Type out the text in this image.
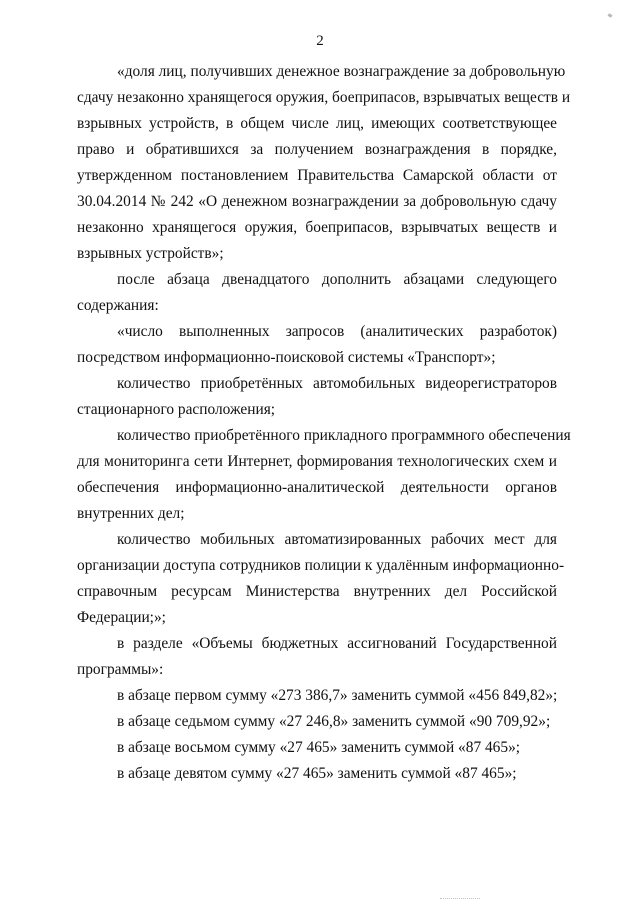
2
«доля лиц, получивших денежное вознаграждение за добровольную
сдачу незаконно хранящегося оружия, боеприпасов, взрывчатых веществ и
взрывных устройств, в общем числе лиц, имеющих соответствующее
право и обратившихся за получением вознаграждения в порядке,
утвержденном постановлением Правительства Самарской области от
30.04.2014 № 242 «О денежном вознаграждении за добровольную сдачу
незаконно хранящегося оружия, боеприпасов, взрывчатых веществ и
взрывных устройств»;
после абзаца двенадцатого дополнить абзацами следующего
содержания:
«число выполненных запросов (аналитических разработок)
посредством информационно-поисковой системы «Транспорт»;
количество приобретённых автомобильных видеорегистраторов
стационарного расположения;
количество приобретённого прикладного программного обеспечения
для мониторинга сети Интернет, формирования технологических схем и
обеспечения информационно-аналитической деятельности органов
внутренних дел;
количество мобильных автоматизированных рабочих мест для
организации доступа сотрудников полиции к удалённым информационно-
справочным ресурсам Министерства внутренних дел Российской
Федерации;»;
в разделе «Объемы бюджетных ассигнований Государственной
программы»:
в абзаце первом сумму «273 386,7» заменить суммой «456 849,82»;
в абзаце седьмом сумму «27 246,8» заменить суммой «90 709,92»;
в абзаце восьмом сумму «27 465» заменить суммой «87 465»;
в абзаце девятом сумму «27 465» заменить суммой «87 465»;
